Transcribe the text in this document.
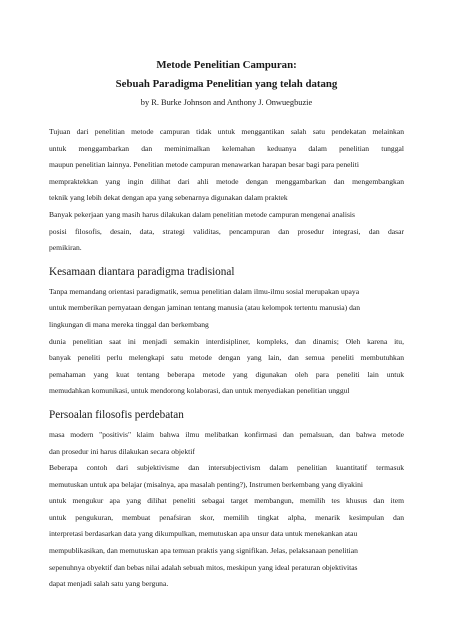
Metode Penelitian Campuran:
Sebuah Paradigma Penelitian yang telah datang
by R. Burke Johnson and Anthony J. Onwuegbuzie
Tujuan dari penelitian metode campuran tidak untuk menggantikan salah satu pendekatan melainkan
untuk menggambarkan dan meminimalkan kelemahan keduanya dalam penelitian tunggal
maupun penelitian lainnya. Penelitian metode campuran menawarkan harapan besar bagi para peneliti
mempraktekkan yang ingin dilihat dari ahli metode dengan menggambarkan dan mengembangkan
teknik yang lebih dekat dengan apa yang sebenarnya digunakan dalam praktek
Banyak pekerjaan yang masih harus dilakukan dalam penelitian metode campuran mengenai analisis
posisi filosofis, desain, data, strategi validitas, pencampuran dan prosedur integrasi, dan dasar
pemikiran.
Kesamaan diantara paradigma tradisional
Tanpa memandang orientasi paradigmatik, semua penelitian dalam ilmu-ilmu sosial merupakan upaya
untuk memberikan pernyataan dengan jaminan tentang manusia (atau kelompok tertentu manusia) dan
lingkungan di mana mereka tinggal dan berkembang
dunia penelitian saat ini menjadi semakin interdisipliner, kompleks, dan dinamis; Oleh karena itu,
banyak peneliti perlu melengkapi satu metode dengan yang lain, dan semua peneliti membutuhkan
pemahaman yang kuat tentang beberapa metode yang digunakan oleh para peneliti lain untuk
memudahkan komunikasi, untuk mendorong kolaborasi, dan untuk menyediakan penelitian unggul
Persoalan filosofis perdebatan
masa modern "positivis" klaim bahwa ilmu melibatkan konfirmasi dan pemalsuan, dan bahwa metode
dan prosedur ini harus dilakukan secara objektif
Beberapa contoh dari subjektivisme dan intersubjectivism dalam penelitian kuantitatif termasuk
memutuskan untuk apa belajar (misalnya, apa masalah penting?), Instrumen berkembang yang diyakini
untuk mengukur apa yang dilihat peneliti sebagai target membangun, memilih tes khusus dan item
untuk pengukuran, membuat penafsiran skor, memilih tingkat alpha, menarik kesimpulan dan
interpretasi berdasarkan data yang dikumpulkan, memutuskan apa unsur data untuk menekankan atau
mempublikasikan, dan memutuskan apa temuan praktis yang signifikan. Jelas, pelaksanaan penelitian
sepenuhnya obyektif dan bebas nilai adalah sebuah mitos, meskipun yang ideal peraturan objektivitas
dapat menjadi salah satu yang berguna.
